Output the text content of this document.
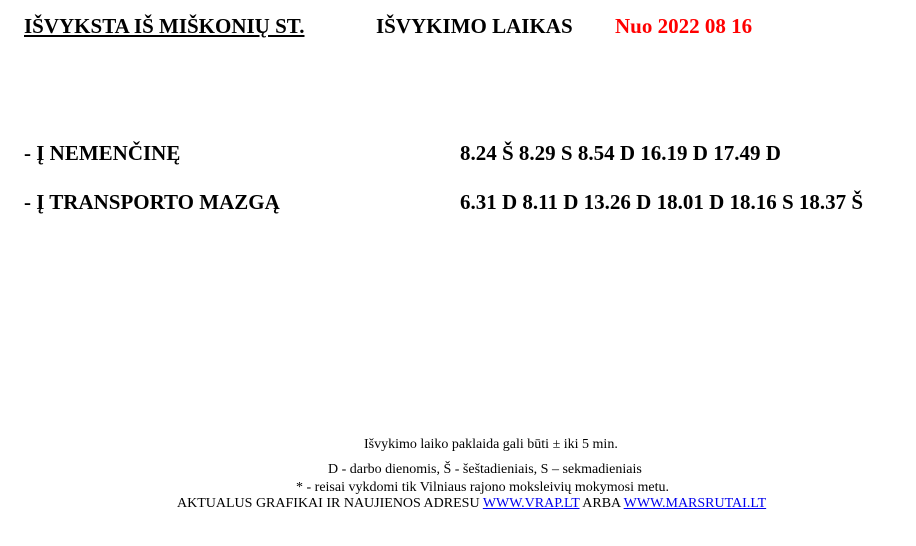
IŠVYKSTA IŠ MIŠKONIŲ ST.	IŠVYKIMO LAIKAS Nuo 2022 08 16
- Į NEMENČINĘ	8.24 Š 8.29 S 8.54 D 16.19 D 17.49 D
- Į TRANSPORTO MAZGĄ	6.31 D 8.11 D 13.26 D 18.01 D 18.16 S 18.37 Š
Išvykimo laiko paklaida gali būti ± iki 5 min.
D - darbo dienomis, Š - šeštadieniais, S – sekmadieniais
* - reisai vykdomi tik Vilniaus rajono moksleivių mokymosi metu.
AKTUALUS GRAFIKAI IR NAUJIENOS ADRESU WWW.VRAP.LT ARBA WWW.MARSRUTAI.LT
